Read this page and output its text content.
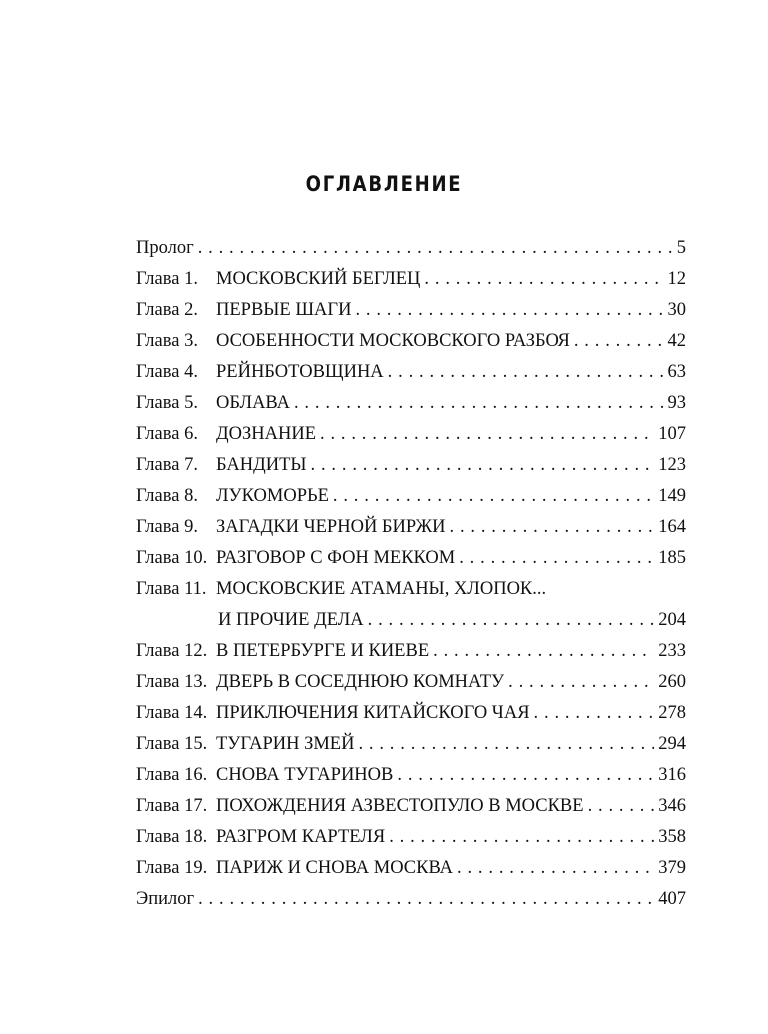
ОГЛАВЛЕНИЕ
Пролог . . .	5
Глава 1. МОСКОВСКИЙ БЕГЛЕЦ . . .	12
Глава 2. ПЕРВЫЕ ШАГИ . . .	30
Глава 3. ОСОБЕННОСТИ МОСКОВСКОГО РАЗБОЯ . . .	42
Глава 4. РЕЙНБОТОВЩИНА . . .	63
Глава 5. ОБЛАВА . . .	93
Глава 6. ДОЗНАНИЕ . . .	107
Глава 7. БАНДИТЫ . . .	123
Глава 8. ЛУКОМОРЬЕ . . .	149
Глава 9. ЗАГАДКИ ЧЕРНОЙ БИРЖИ . . .	164
Глава 10. РАЗГОВОР С ФОН МЕККОМ . . .	185
Глава 11. МОСКОВСКИЕ АТАМАНЫ, ХЛОПОК...
И ПРОЧИЕ ДЕЛА . . .	204
Глава 12. В ПЕТЕРБУРГЕ И КИЕВЕ . . .	233
Глава 13. ДВЕРЬ В СОСЕДНЮЮ КОМНАТУ . . .	260
Глава 14. ПРИКЛЮЧЕНИЯ КИТАЙСКОГО ЧАЯ . . .	278
Глава 15. ТУГАРИН ЗМЕЙ . . .	294
Глава 16. СНОВА ТУГАРИНОВ . . .	316
Глава 17. ПОХОЖДЕНИЯ АЗВЕСТОПУЛО В МОСКВЕ . . .	346
Глава 18. РАЗГРОМ КАРТЕЛЯ . . .	358
Глава 19. ПАРИЖ И СНОВА МОСКВА . . .	379
Эпилог . . .	407
